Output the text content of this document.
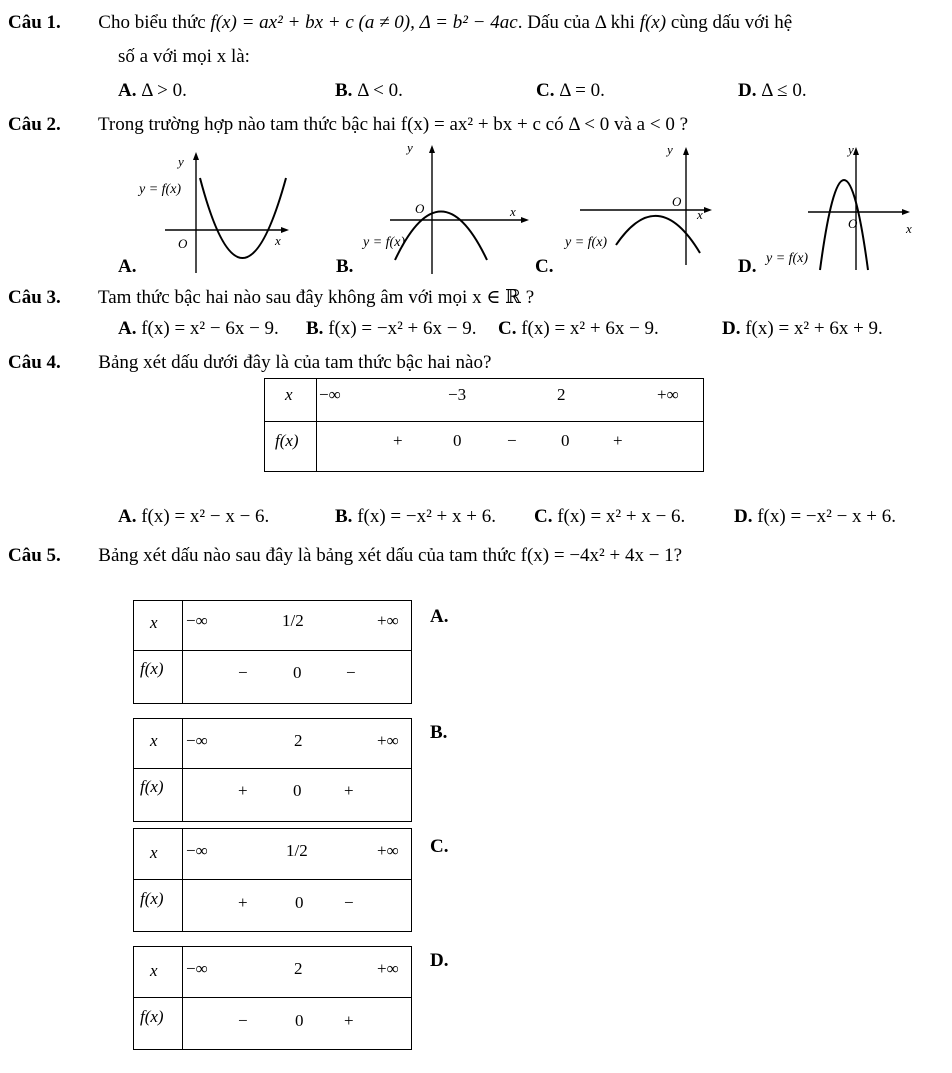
Câu 1. Cho biểu thức f(x) = ax² + bx + c (a ≠ 0), Δ = b² − 4ac. Dấu của Δ khi f(x) cùng dấu với hệ
số a với mọi x là:
A. Δ > 0.	B. Δ < 0.	C. Δ = 0.	D. Δ ≤ 0.
Câu 2. Trong trường hợp nào tam thức bậc hai f(x) = ax² + bx + c có Δ < 0 và a < 0 ?
y
y = f(x)
O	x
A.
y
y = f(x)
O	x
B.
y
y = f(x)
O
x
C.
y
y = f(x)
O	x
D.
Câu 3. Tam thức bậc hai nào sau đây không âm với mọi x ∈ ℝ ?
A. f(x) = x² − 6x − 9. B. f(x) = −x² + 6x − 9. C. f(x) = x² + 6x − 9.	D. f(x) = x² + 6x + 9.
Câu 4. Bảng xét dấu dưới đây là của tam thức bậc hai nào?
x
f(x)
−∞	−3	2	+∞
+	0	−	0	+
A. f(x) = x² − x − 6.	B. f(x) = −x² + x + 6. C. f(x) = x² + x − 6.	D. f(x) = −x² − x + 6.
Câu 5. Bảng xét dấu nào sau đây là bảng xét dấu của tam thức f(x) = −4x² + 4x − 1?
x
f(x)
−∞	1/2	+∞
−	0	−
A.
x
f(x)
−∞	2	+∞
+	0	+
B.
x
f(x)
−∞	1/2	+∞
+	0 −
C.
x
f(x)
−∞	2	+∞
−	0 +
D.
